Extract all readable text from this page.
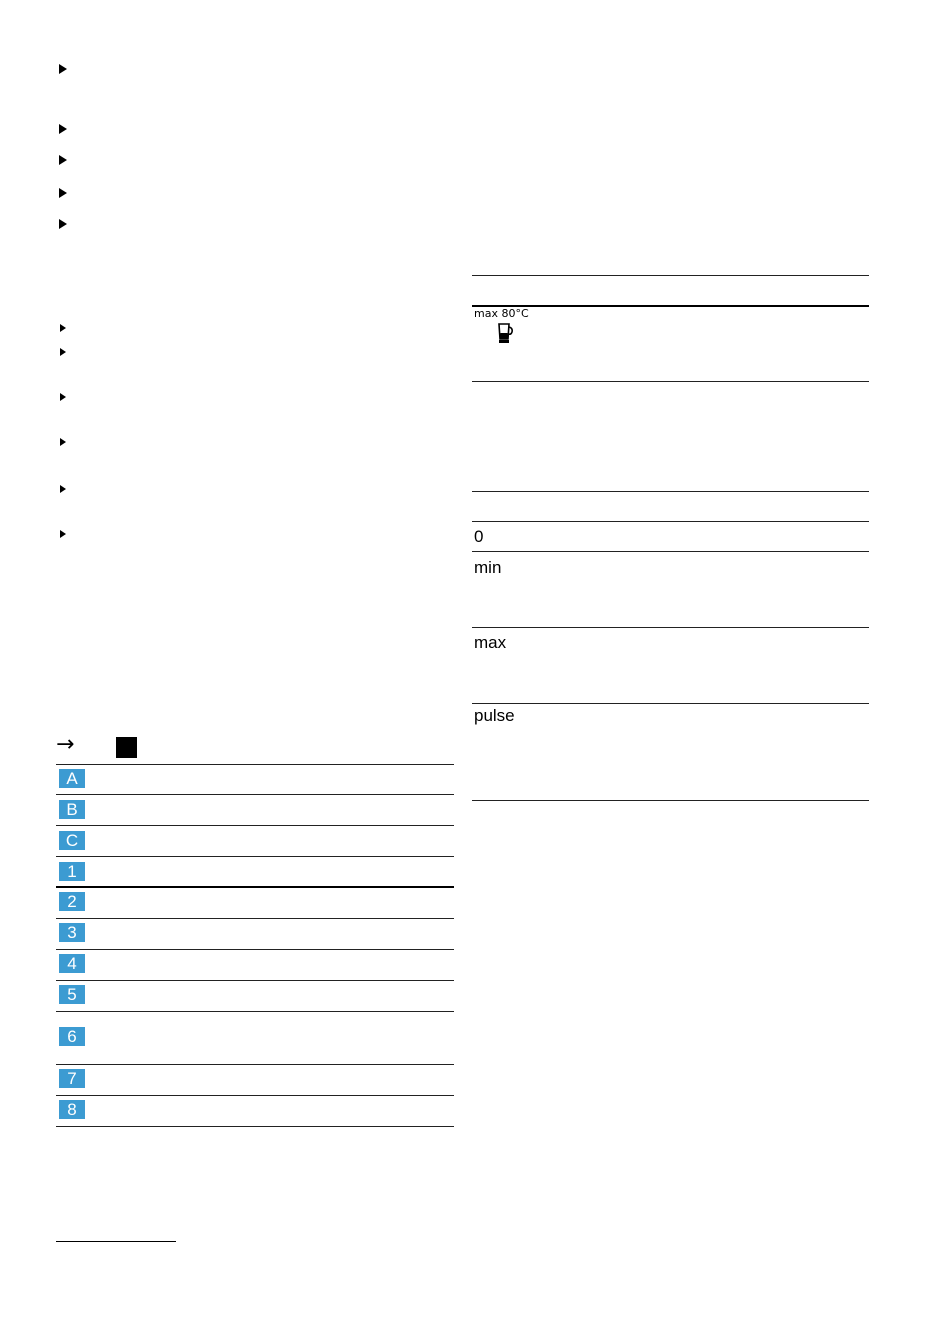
→
A
B
C
1
2
3
4
5
6
7
8
max 80°C
0
min
max
pulse
